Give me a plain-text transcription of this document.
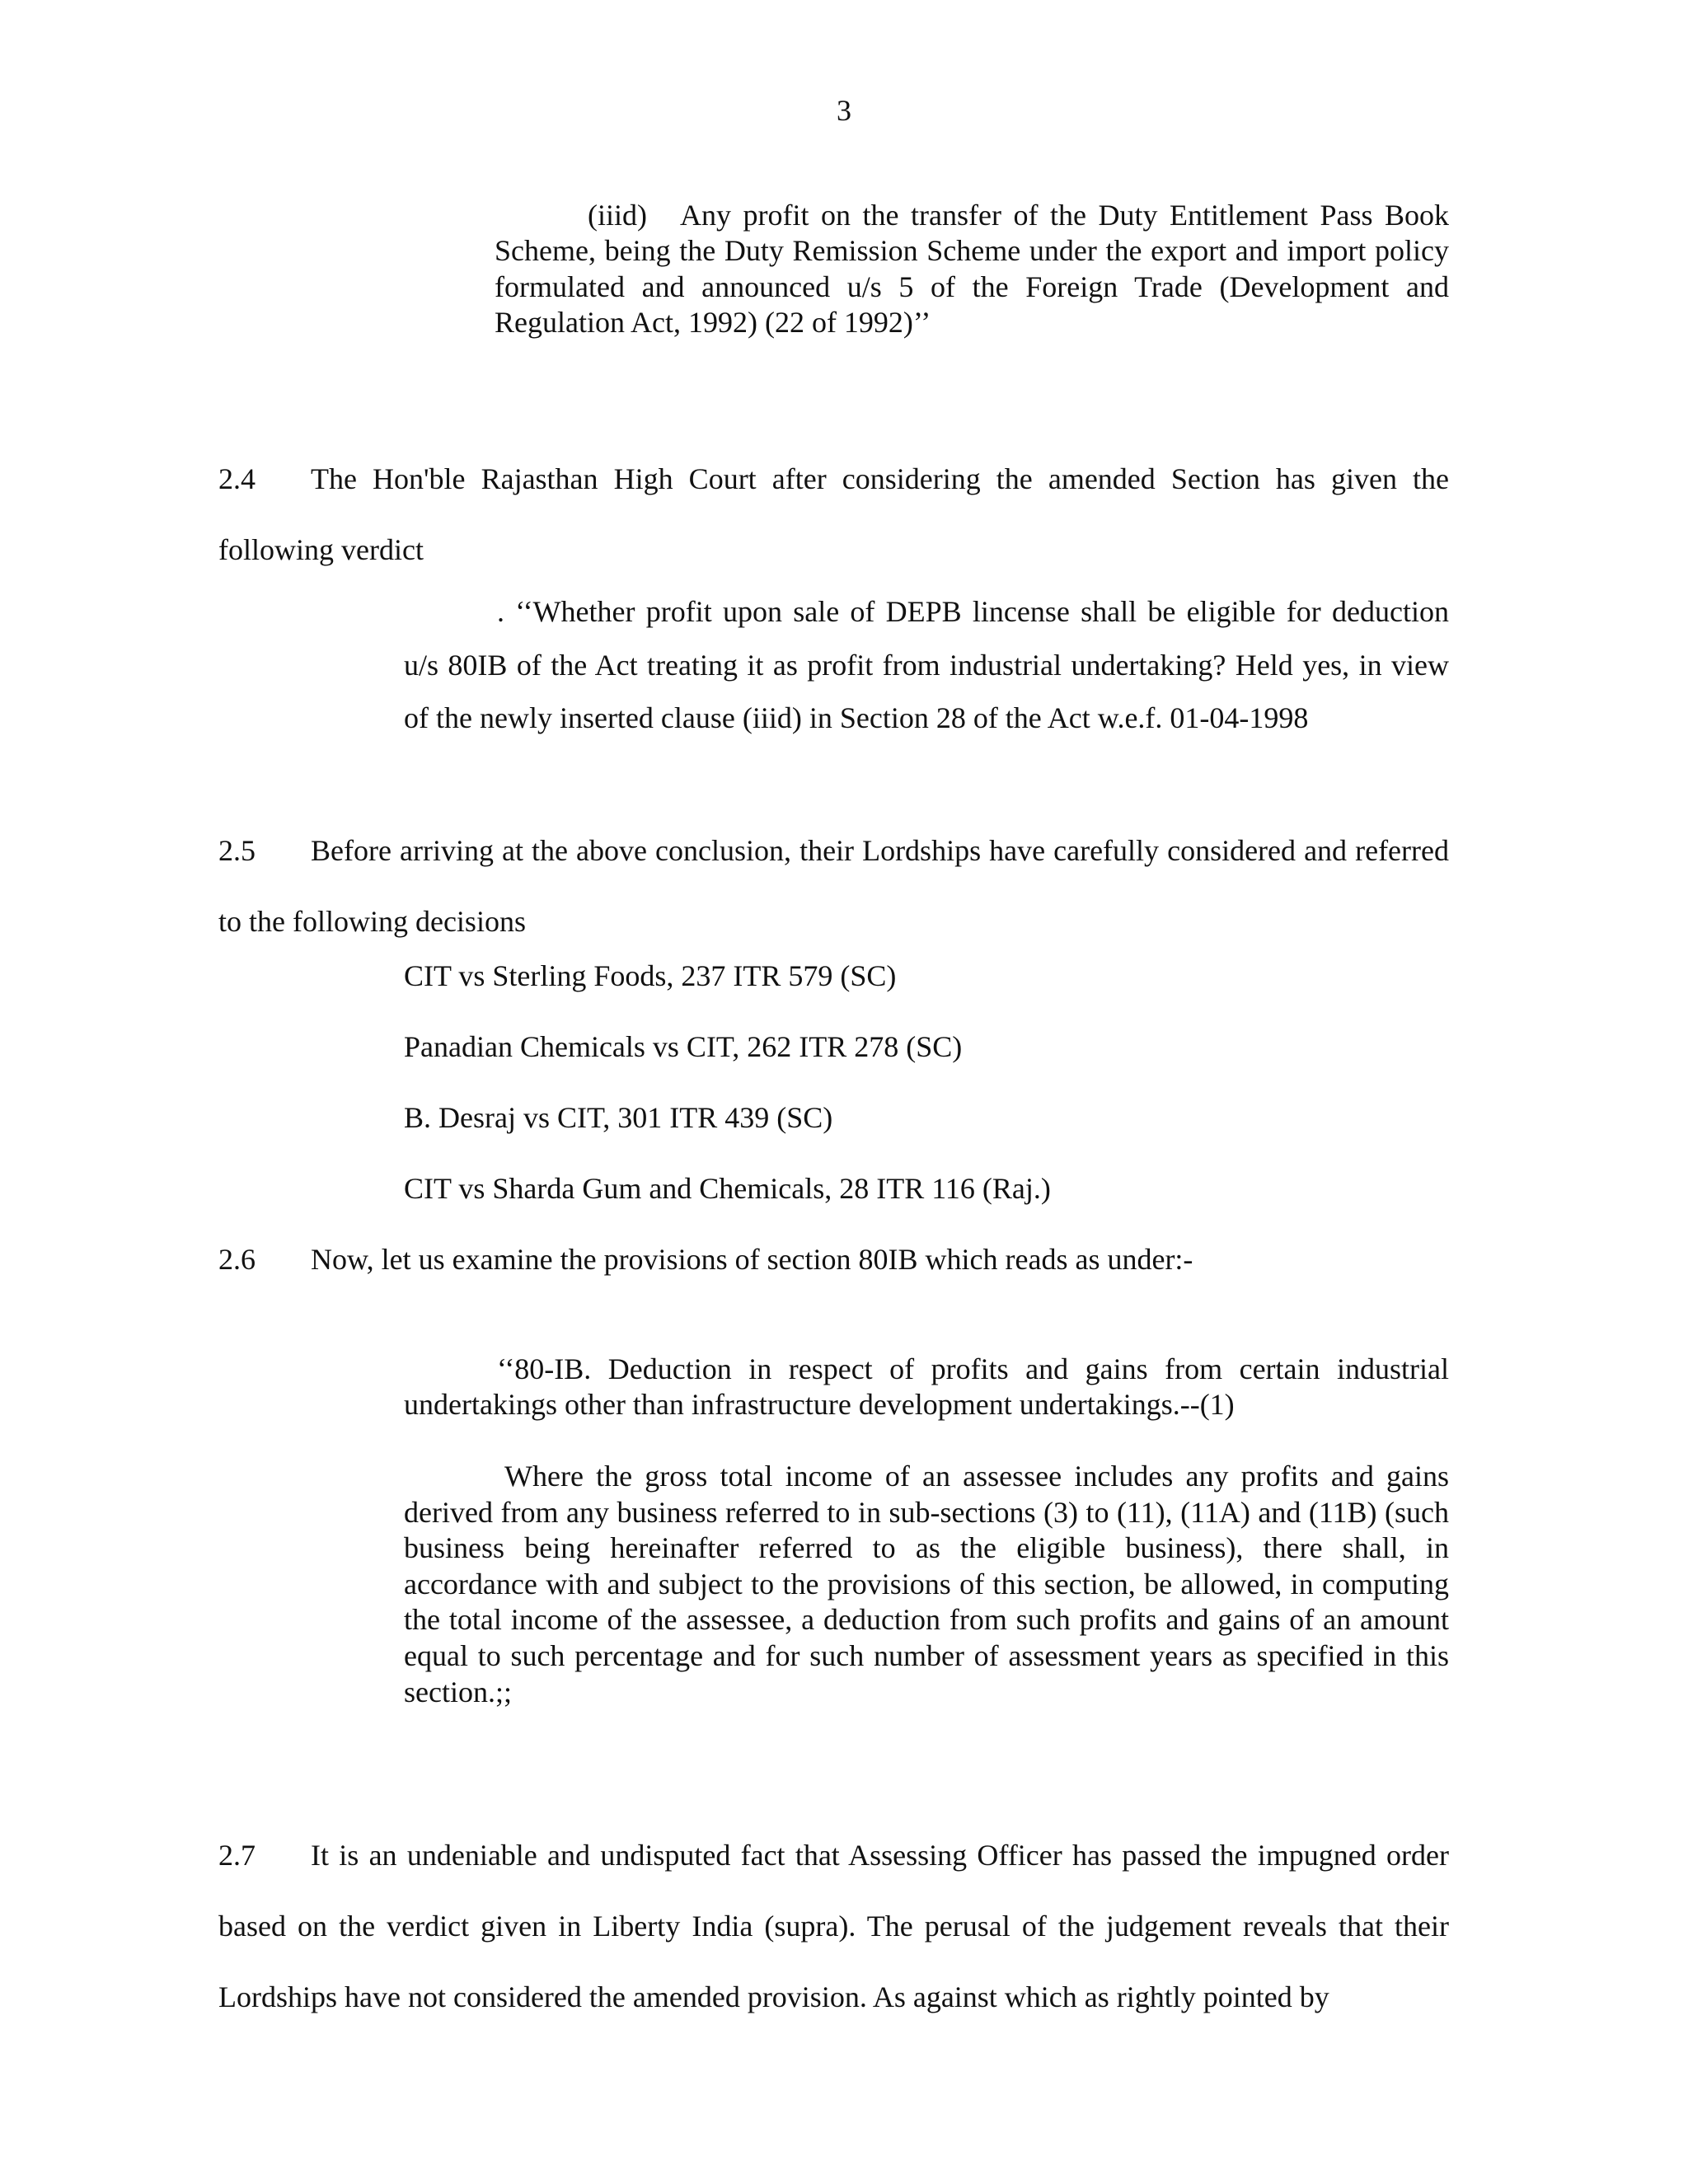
3
(iiid) Any profit on the transfer of the Duty Entitlement Pass Book Scheme, being the Duty Remission Scheme under the export and import policy formulated and announced u/s 5 of the Foreign Trade (Development and Regulation Act, 1992) (22 of 1992)’’
2.4 The Hon'ble Rajasthan High Court after considering the amended Section has given the following verdict
. ‘‘Whether profit upon sale of DEPB lincense shall be eligible for deduction u/s 80IB of the Act treating it as profit from industrial undertaking? Held yes, in view of the newly inserted clause (iiid) in Section 28 of the Act w.e.f. 01-04-1998
2.5 Before arriving at the above conclusion, their Lordships have carefully considered and referred to the following decisions
CIT vs Sterling Foods, 237 ITR 579 (SC)
Panadian Chemicals vs CIT, 262 ITR 278 (SC)
B. Desraj vs CIT, 301 ITR 439 (SC)
CIT vs Sharda Gum and Chemicals, 28 ITR 116 (Raj.)
2.6 Now, let us examine the provisions of section 80IB which reads as under:-
‘‘80-IB. Deduction in respect of profits and gains from certain industrial undertakings other than infrastructure development undertakings.--(1)
Where the gross total income of an assessee includes any profits and gains derived from any business referred to in sub-sections (3) to (11), (11A) and (11B) (such business being hereinafter referred to as the eligible business), there shall, in accordance with and subject to the provisions of this section, be allowed, in computing the total income of the assessee, a deduction from such profits and gains of an amount equal to such percentage and for such number of assessment years as specified in this section.;;
2.7 It is an undeniable and undisputed fact that Assessing Officer has passed the impugned order based on the verdict given in Liberty India (supra). The perusal of the judgement reveals that their Lordships have not considered the amended provision. As against which as rightly pointed by
